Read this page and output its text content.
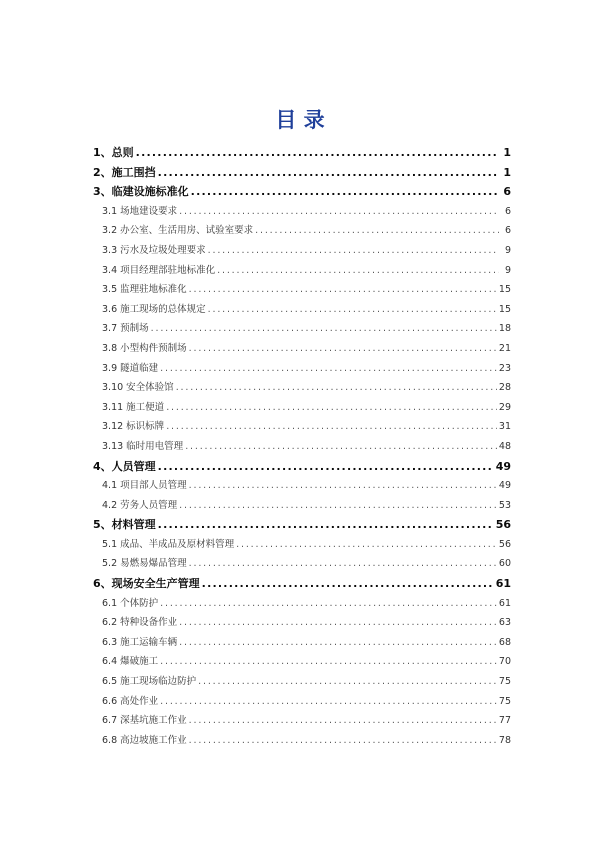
目 录
1、总则 . . .	1
2、施工围挡 . . .	1
3、临建设施标准化 . . .	6
3.1 场地建设要求 . . .	6
3.2 办公室、生活用房、试验室要求 . . .	6
3.3 污水及垃圾处理要求 . . .	9
3.4 项目经理部驻地标准化 . . .	9
3.5 监理驻地标准化 . . .	15
3.6 施工现场的总体规定 . . .	15
3.7 预制场 . . .	18
3.8 小型构件预制场 . . .	21
3.9 隧道临建 . . .	23
3.10 安全体验馆 . . .	28
3.11 施工便道 . . .	29
3.12 标识标牌 . . .	31
3.13 临时用电管理 . . .	48
4、人员管理 . . .	49
4.1 项目部人员管理 . . .	49
4.2 劳务人员管理 . . .	53
5、材料管理 . . .	56
5.1 成品、半成品及原材料管理 . . .	56
5.2 易燃易爆品管理 . . .	60
6、现场安全生产管理 . . .	61
6.1 个体防护 . . .	61
6.2 特种设备作业 . . .	63
6.3 施工运输车辆 . . .	68
6.4 爆破施工 . . .	70
6.5 施工现场临边防护 . . .	75
6.6 高处作业 . . .	75
6.7 深基坑施工作业 . . .	77
6.8 高边坡施工作业 . . .	78
